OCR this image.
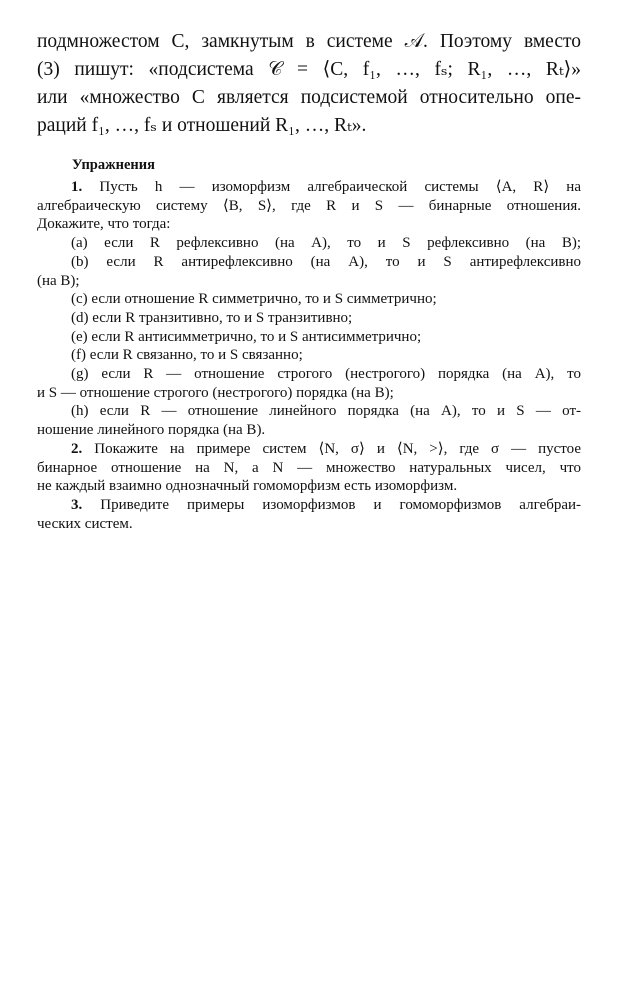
подмножестом C, замкнутым в системе 𝒜. Поэтому вместо

(3) пишут: «подсистема 𝒞 = ⟨C, f₁, …, fₛ; R₁, …, Rₜ⟩»

или «множество C является подсистемой относительно опе-

раций f₁, …, fₛ и отношений R₁, …, Rₜ».

Упражнения

1. Пусть h — изоморфизм алгебраической системы ⟨A, R⟩ на

алгебраическую систему ⟨B, S⟩, где R и S — бинарные отношения.

Докажите, что тогда:

(a) если R рефлексивно (на A), то и S рефлексивно (на B);

(b) если R антирефлексивно (на A), то и S антирефлексивно

(на B);

(c) если отношение R симметрично, то и S симметрично;

(d) если R транзитивно, то и S транзитивно;

(e) если R антисимметрично, то и S антисимметрично;

(f) если R связанно, то и S связанно;

(g) если R — отношение строгого (нестрогого) порядка (на A), то

и S — отношение строгого (нестрогого) порядка (на B);

(h) если R — отношение линейного порядка (на A), то и S — от-

ношение линейного порядка (на B).

2. Покажите на примере систем ⟨N, σ⟩ и ⟨N, >⟩, где σ — пустое

бинарное отношение на N, а N — множество натуральных чисел, что

не каждый взаимно однозначный гомоморфизм есть изоморфизм.

3. Приведите примеры изоморфизмов и гомоморфизмов алгебраи-

ческих систем.
